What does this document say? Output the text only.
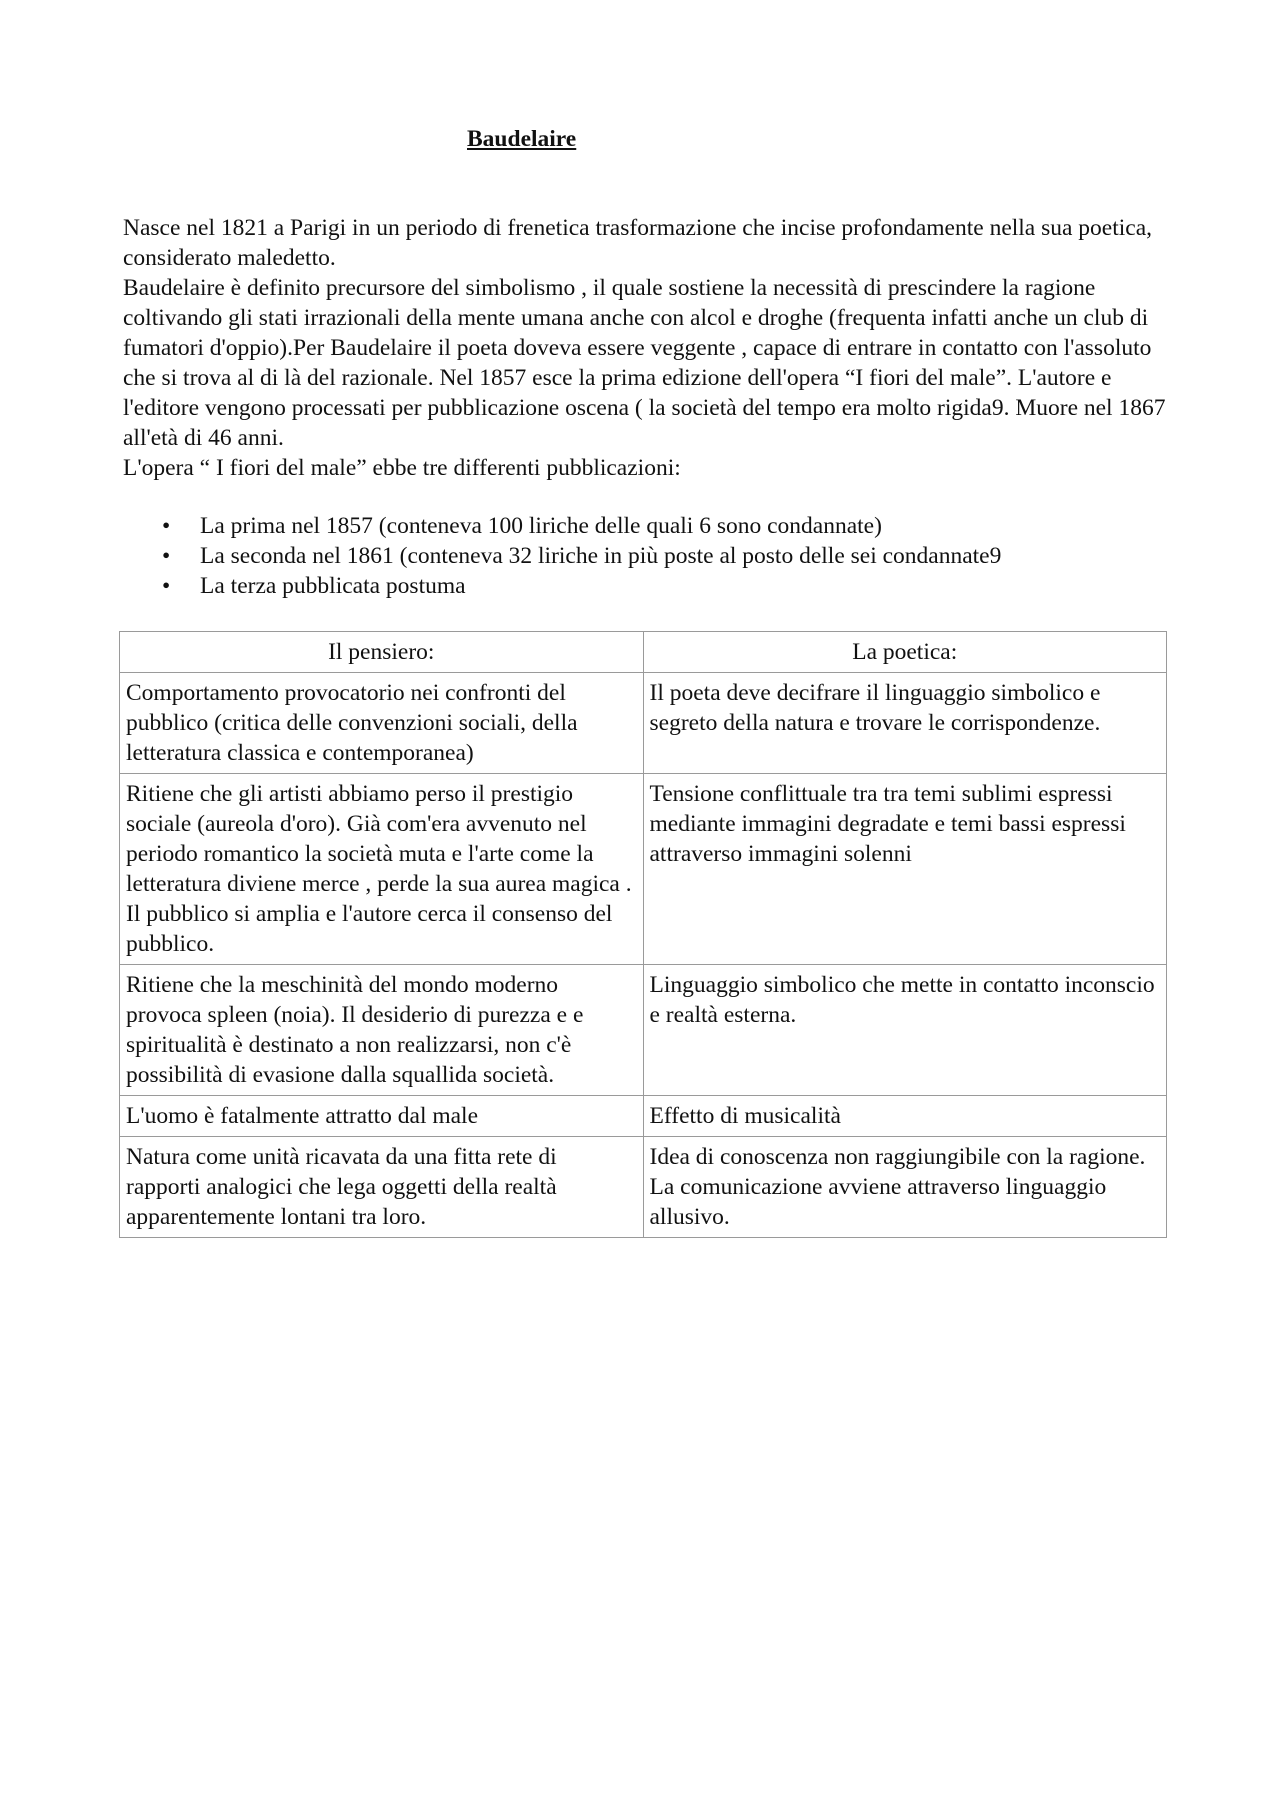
Baudelaire

Nasce nel 1821 a Parigi in un periodo di frenetica trasformazione che incise profondamente nella sua poetica, considerato maledetto.

Baudelaire è definito precursore del simbolismo , il quale sostiene la necessità di prescindere la ragione coltivando gli stati irrazionali della mente umana anche con alcol e droghe (frequenta infatti anche un club di fumatori d'oppio).Per Baudelaire il poeta doveva essere veggente , capace di entrare in contatto con l'assoluto che si trova al di là del razionale. Nel 1857 esce la prima edizione dell'opera “I fiori del male”. L'autore e l'editore vengono processati per pubblicazione oscena ( la società del tempo era molto rigida9. Muore nel 1867 all'età di 46 anni.

L'opera “ I fiori del male” ebbe tre differenti pubblicazioni:

• La prima nel 1857 (conteneva 100 liriche delle quali 6 sono condannate)
• La seconda nel 1861 (conteneva 32 liriche in più poste al posto delle sei condannate9
• La terza pubblicata postuma
Il pensiero:	La poetica:
Comportamento provocatorio nei confronti del pubblico (critica delle convenzioni sociali, della letteratura classica e contemporanea)	Il poeta deve decifrare il linguaggio simbolico e segreto della natura e trovare le corrispondenze.
Ritiene che gli artisti abbiamo perso il prestigio sociale (aureola d'oro). Già com'era avvenuto nel periodo romantico la società muta e l'arte come la letteratura diviene merce , perde la sua aurea magica . Il pubblico si amplia e l'autore cerca il consenso del pubblico.	Tensione conflittuale tra tra temi sublimi espressi mediante immagini degradate e temi bassi espressi attraverso immagini solenni
Ritiene che la meschinità del mondo moderno provoca spleen (noia). Il desiderio di purezza e e spiritualità è destinato a non realizzarsi, non c'è possibilità di evasione dalla squallida società.	Linguaggio simbolico che mette in contatto inconscio e realtà esterna.
L'uomo è fatalmente attratto dal male	Effetto di musicalità
Natura come unità ricavata da una fitta rete di rapporti analogici che lega oggetti della realtà apparentemente lontani tra loro.	Idea di conoscenza non raggiungibile con la ragione. La comunicazione avviene attraverso linguaggio allusivo.
